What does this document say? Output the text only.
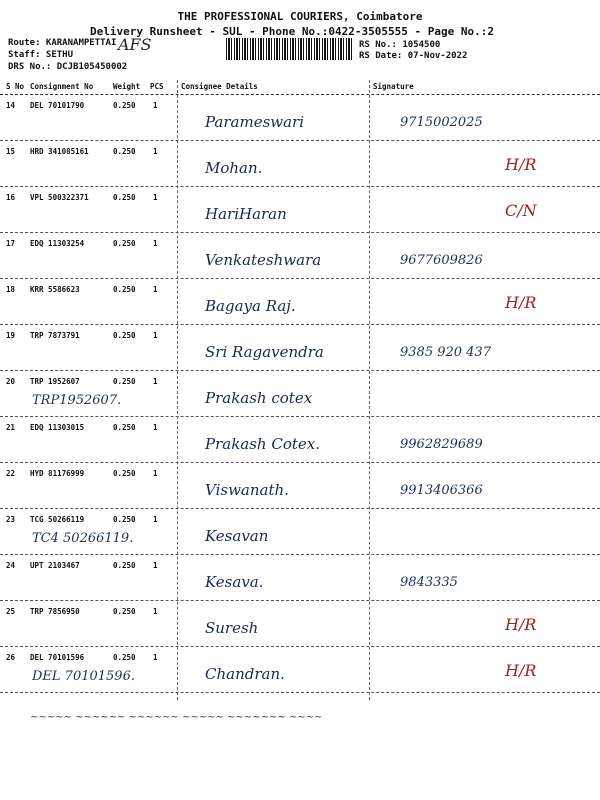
THE PROFESSIONAL COURIERS, Coimbatore
Delivery Runsheet - SUL - Phone No.:0422-3505555 - Page No.:2
Route: KARANAMPETTAI AFS
Staff: SETHU
DRS No.: DCJB105450002
RS No.: 1054500
RS Date: 07-Nov-2022
S No Consignment No	Weight PCS Consignee Details	Signature
14 DEL 70101790	0.250 1
Parameswari	9715002025
15 HRD 341085161	0.250 1
Mohan.	H/R
16 VPL 500322371	0.250 1
HariHaran	C/N
17 EDQ 11303254	0.250 1
Venkateshwara	9677609826
18 KRR 5586623	0.250 1
Bagaya Raj.	H/R
19 TRP 7873791	0.250 1
Sri Ragavendra	9385 920 437
20 TRP 1952607	0.250 1
Prakash cotex
TRP1952607.
21 EDQ 11303015	0.250 1
Prakash Cotex.	9962829689
22 HYD 81176999	0.250 1
Viswanath.	9913406366
23 TCG 50266119	0.250 1
Kesavan
TC4 50266119.
24 UPT 2103467	0.250 1
Kesava.	9843335
25 TRP 7856950	0.250 1
Suresh	H/R
26 DEL 70101596	0.250 1
Chandran.	H/R
DEL 70101596.
~~~~~ ~~~~~~ ~~~~~~ ~~~~~ ~~~~~~~ ~~~~
